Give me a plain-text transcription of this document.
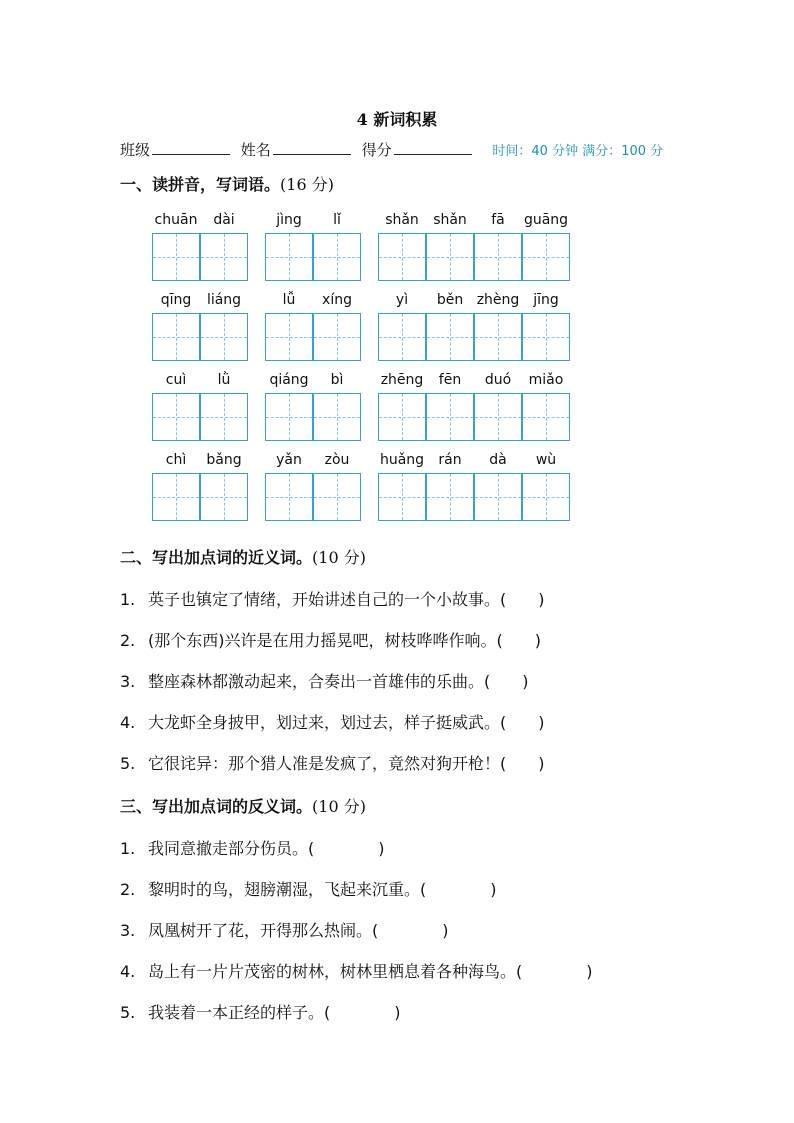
4 新词积累
班级	姓名	得分	时间：40 分钟 满分：100 分
一、读拼音，写词语。(16 分)
chuān	dài	jìng	lǐ	shǎn	shǎn	fā	guāng
qīng	liáng	lǚ	xíng	yì	běn zhèng jīng
cuì	lǜ	qiáng	bì	zhēng	fēn	duó	miǎo
chì	bǎng	yǎn	zòu	huǎng	rán	dà	wù
二、写出加点词的近义词。(10 分)
1. 英子也镇定了情绪，开始讲述自己的一个小故事。(　　)
2. (那个东西)兴许是在用力摇晃吧，树枝哗哗作响。(　　)
3. 整座森林都激动起来，合奏出一首雄伟的乐曲。(　　)
4. 大龙虾全身披甲，划过来，划过去，样子挺威武。(　　)
5. 它很诧异：那个猎人准是发疯了，竟然对狗开枪！(　　)
三、写出加点词的反义词。(10 分)
1. 我同意撤走部分伤员。(　　　　)
2. 黎明时的鸟，翅膀潮湿，飞起来沉重。(　　　　)
3. 凤凰树开了花，开得那么热闹。(　　　　)
4. 岛上有一片片茂密的树林，树林里栖息着各种海鸟。(　　　　)
5. 我装着一本正经的样子。(　　　　)
